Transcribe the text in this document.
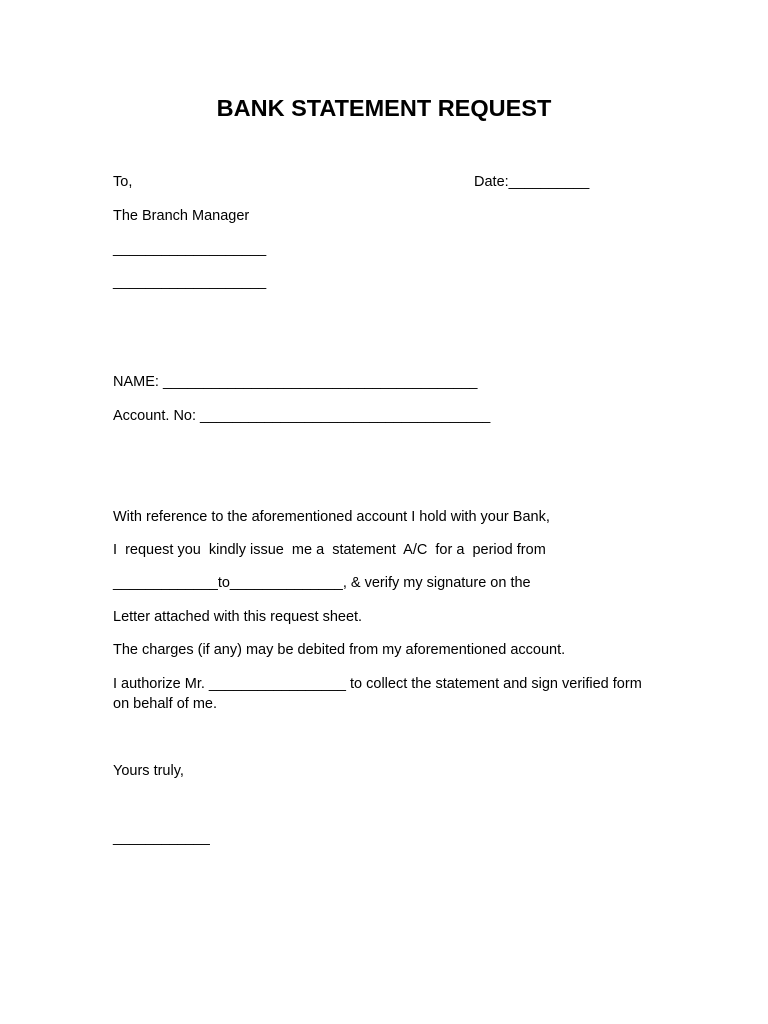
BANK STATEMENT REQUEST

To,	Date:__________

The Branch Manager

___________________

___________________

NAME: _______________________________________

Account. No: ____________________________________

With reference to the aforementioned account I hold with your Bank,

I  request you  kindly issue  me a  statement  A/C  for a  period from

_____________to______________, & verify my signature on the

Letter attached with this request sheet.

The charges (if any) may be debited from my aforementioned account.

I authorize Mr. _________________ to collect the statement and sign verified form on behalf of me.

Yours truly,

____________
